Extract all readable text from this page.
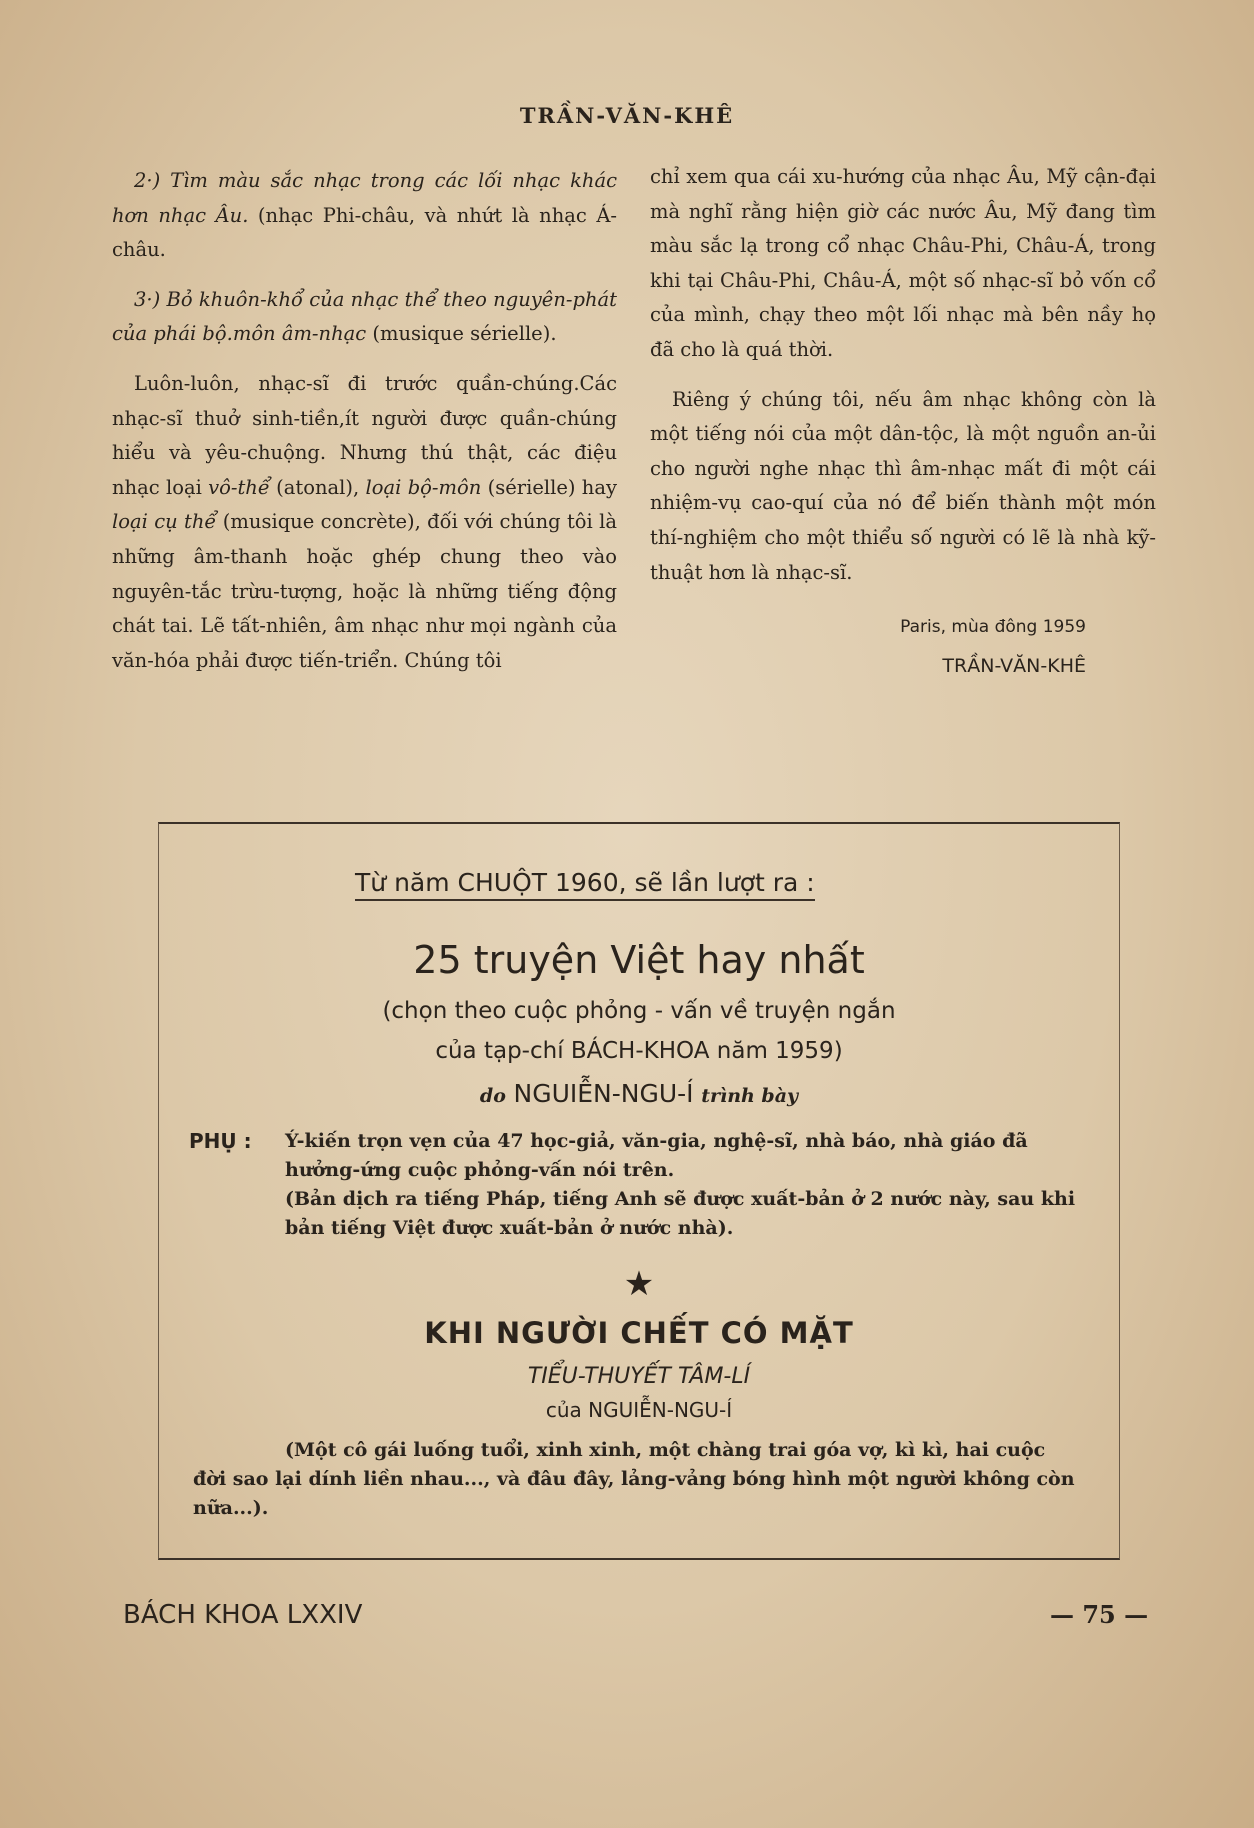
TRẦN-VĂN-KHÊ

2·) Tìm màu sắc nhạc trong các lối nhạc khác hơn nhạc Âu. (nhạc Phi-châu, và nhứt là nhạc Á-châu.

3·) Bỏ khuôn-khổ của nhạc thể theo nguyên-phát của phái bộ.môn âm-nhạc (musique sérielle).

Luôn-luôn, nhạc-sĩ đi trước quần-chúng.Các nhạc-sĩ thuở sinh-tiền,ít người được quần-chúng hiểu và yêu-chuộng. Nhưng thú thật, các điệu nhạc loại vô-thể (atonal), loại bộ-môn (sérielle) hay loại cụ thể (musique concrète), đối với chúng tôi là những âm-thanh hoặc ghép chung theo vào nguyên-tắc trừu-tượng, hoặc là những tiếng động chát tai. Lẽ tất-nhiên, âm nhạc như mọi ngành của văn-hóa phải được tiến-triển. Chúng tôi

chỉ xem qua cái xu-hướng của nhạc Âu, Mỹ cận-đại mà nghĩ rằng hiện giờ các nước Âu, Mỹ đang tìm màu sắc lạ trong cổ nhạc Châu-Phi, Châu-Á, trong khi tại Châu-Phi, Châu-Á, một số nhạc-sĩ bỏ vốn cổ của mình, chạy theo một lối nhạc mà bên nầy họ đã cho là quá thời.

Riêng ý chúng tôi, nếu âm nhạc không còn là một tiếng nói của một dân-tộc, là một nguồn an-ủi cho người nghe nhạc thì âm-nhạc mất đi một cái nhiệm-vụ cao-quí của nó để biến thành một món thí-nghiệm cho một thiểu số người có lẽ là nhà kỹ-thuật hơn là nhạc-sĩ.

Paris, mùa đông 1959

TRẦN-VĂN-KHÊ

Từ năm CHUỘT 1960, sẽ lần lượt ra :
25 truyện Việt hay nhất
(chọn theo cuộc phỏng - vấn về truyện ngắn
của tạp-chí BÁCH-KHOA năm 1959)
do NGUIỄN-NGU-Í trình bày
PHỤ : Ý-kiến trọn vẹn của 47 học-giả, văn-gia, nghệ-sĩ, nhà báo, nhà giáo đã hưởng-ứng cuộc phỏng-vấn nói trên.

(Bản dịch ra tiếng Pháp, tiếng Anh sẽ được xuất-bản ở 2 nước này, sau khi bản tiếng Việt được xuất-bản ở nước nhà).

★
KHI NGƯỜI CHẾT CÓ MẶT
TIỂU-THUYẾT TÂM-LÍ
của NGUIỄN-NGU-Í
(Một cô gái luống tuổi, xinh xinh, một chàng trai góa vợ, kì kì, hai cuộc đời sao lại dính liền nhau..., và đâu đây, lảng-vảng bóng hình một người không còn nữa...).
BÁCH KHOA LXXIV	— 75 —
